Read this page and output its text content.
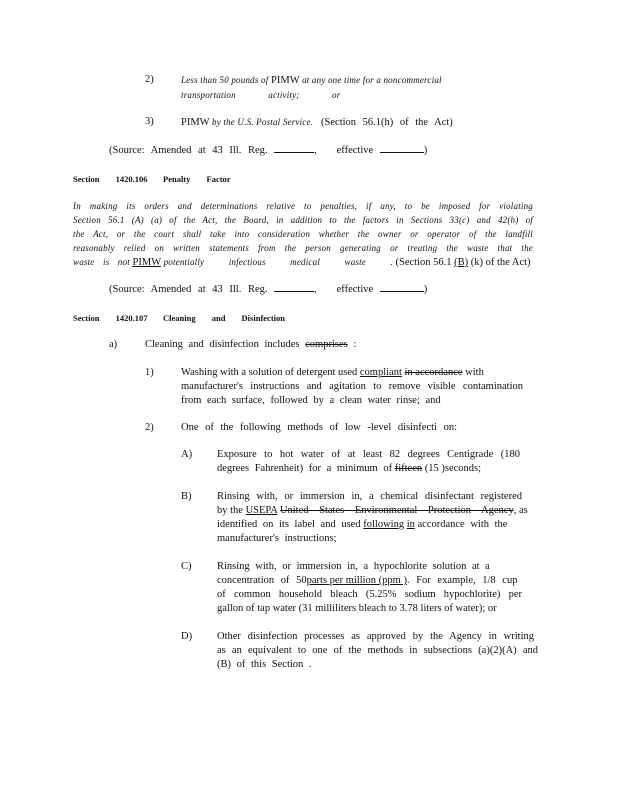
2)	Less than 50 pounds of PIMW at any one time for a noncommercial
transportation activity; or
3)	PIMW by the U.S. Postal Service. (Section 56.1(h) of the Act)
(Source: Amended at 43 Ill. Reg.	,   effective	)
Section 1420.106 Penalty Factor
In making its orders and determinations relative to penalties, if any, to be imposed for violating
Section 56.1 (A) (a) of the Act, the Board, in addition to the factors in Sections 33(c) and 42(h) of
the Act, or the court shall take into consideration whether the owner or operator of the landfill
reasonably relied on written statements from the person generating or treating the waste that the
waste is not PIMW potentially infectious medical waste . (Section 56.1 (B) (k) of the Act)
(Source: Amended at 43 Ill. Reg.	,   effective	)
Section 1420.107 Cleaning and Disinfection
a)	Cleaning and disinfection includes comprises :
1)	Washing with a solution of detergent used compliant in accordance with
manufacturer's instructions and agitation to remove visible contamination
from each surface, followed by a clean water rinse; and
2)	One of the following methods of low -level disinfecti on:
A) Exposure to hot water of at least 82 degrees Centigrade (180
degrees Fahrenheit) for a minimum of fifteen (15 )seconds;
B) Rinsing with, or immersion in, a chemical disinfectant registered
by the USEPA United States Environmental Protection Agency, as
identified on its label and used following in accordance with the
manufacturer's instructions;
C) Rinsing with, or immersion in, a hypochlorite solution at a
concentration of 50parts per million (ppm ). For example, 1/8 cup
of common household bleach (5.25% sodium hypochlorite) per
gallon of tap water (31 milliliters bleach to 3.78 liters of water); or
D) Other disinfection processes as approved by the Agency in writing
as an equivalent to one of the methods in subsections (a)(2)(A) and
(B) of this Section .
